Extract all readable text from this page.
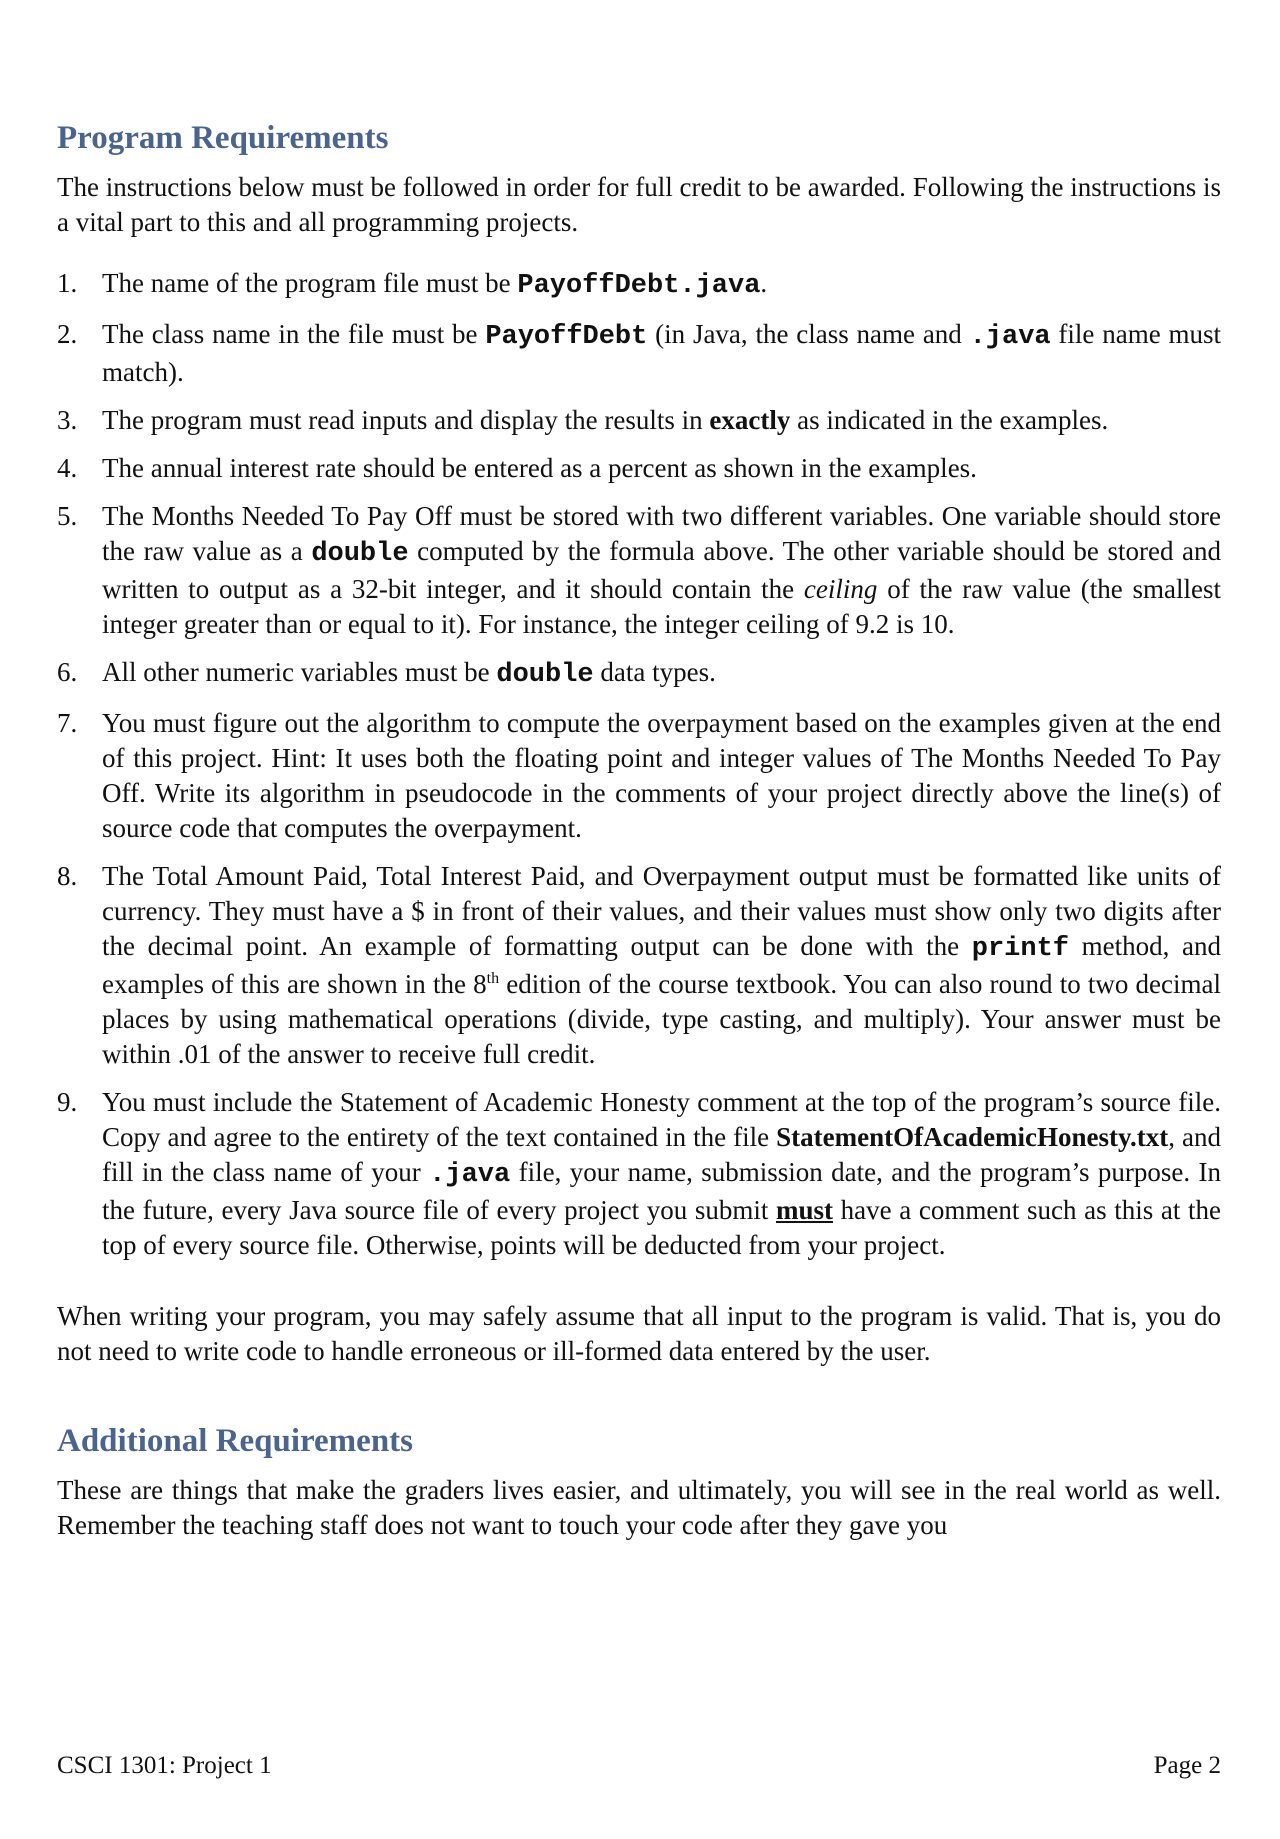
Program Requirements

The instructions below must be followed in order for full credit to be awarded. Following the instructions is a vital part to this and all programming projects.

1. The name of the program file must be PayoffDebt.java.
2. The class name in the file must be PayoffDebt (in Java, the class name and .java file name must match).
3. The program must read inputs and display the results in exactly as indicated in the examples.
4. The annual interest rate should be entered as a percent as shown in the examples.
5. The Months Needed To Pay Off must be stored with two different variables. One variable should store the raw value as a double computed by the formula above. The other variable should be stored and written to output as a 32-bit integer, and it should contain the ceiling of the raw value (the smallest integer greater than or equal to it). For instance, the integer ceiling of 9.2 is 10.
6. All other numeric variables must be double data types.
7. You must figure out the algorithm to compute the overpayment based on the examples given at the end of this project. Hint: It uses both the floating point and integer values of The Months Needed To Pay Off. Write its algorithm in pseudocode in the comments of your project directly above the line(s) of source code that computes the overpayment.
8. The Total Amount Paid, Total Interest Paid, and Overpayment output must be formatted like units of currency. They must have a $ in front of their values, and their values must show only two digits after the decimal point. An example of formatting output can be done with the printf method, and examples of this are shown in the 8th edition of the course textbook. You can also round to two decimal places by using mathematical operations (divide, type casting, and multiply). Your answer must be within .01 of the answer to receive full credit.
9. You must include the Statement of Academic Honesty comment at the top of the program’s source file. Copy and agree to the entirety of the text contained in the file StatementOfAcademicHonesty.txt, and fill in the class name of your .java file, your name, submission date, and the program’s purpose. In the future, every Java source file of every project you submit must have a comment such as this at the top of every source file. Otherwise, points will be deducted from your project.

When writing your program, you may safely assume that all input to the program is valid. That is, you do not need to write code to handle erroneous or ill-formed data entered by the user.

Additional Requirements

These are things that make the graders lives easier, and ultimately, you will see in the real world as well. Remember the teaching staff does not want to touch your code after they gave you

CSCI 1301: Project 1	Page 2
